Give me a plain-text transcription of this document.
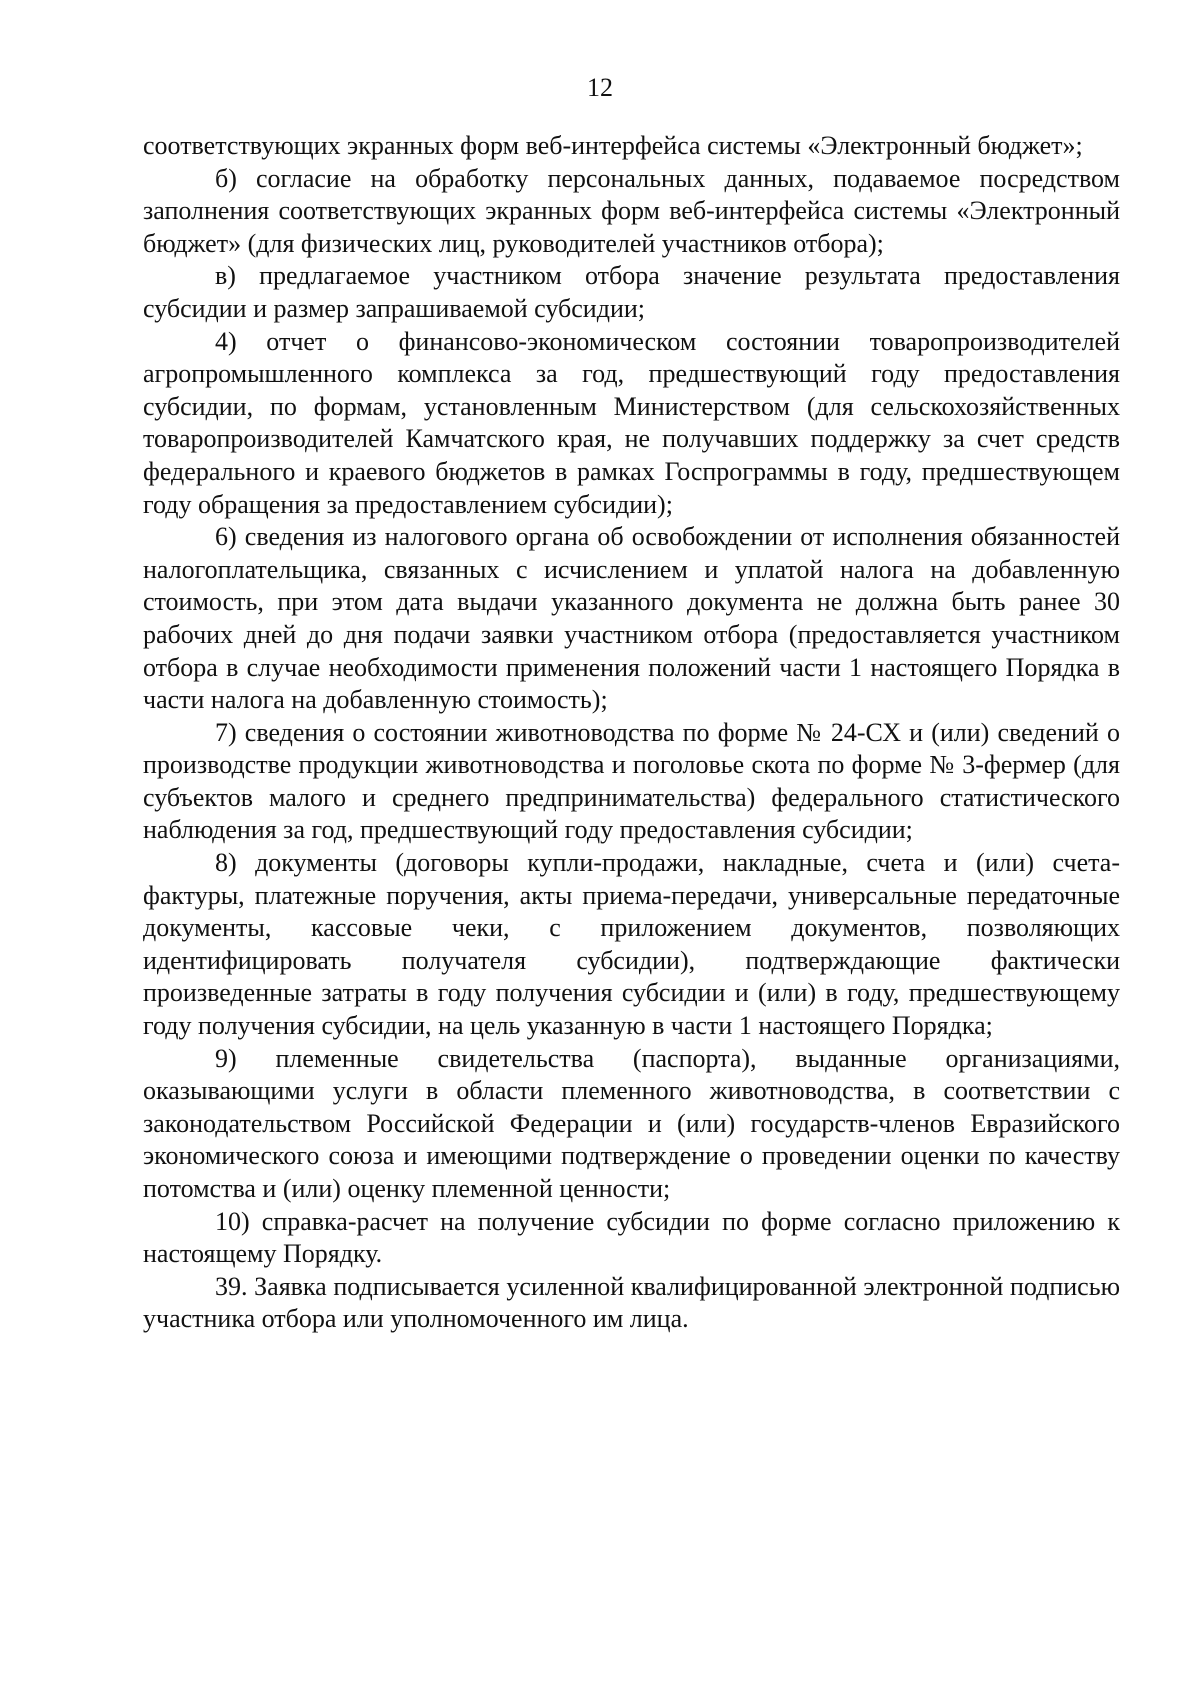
12

соответствующих экранных форм веб-интерфейса системы «Электронный бюджет»;

б) согласие на обработку персональных данных, подаваемое посредством заполнения соответствующих экранных форм веб-интерфейса системы «Электронный бюджет» (для физических лиц, руководителей участников отбора);

в) предлагаемое участником отбора значение результата предоставления субсидии и размер запрашиваемой субсидии;

4) отчет о финансово-экономическом состоянии товаропроизводителей агропромышленного комплекса за год, предшествующий году предоставления субсидии, по формам, установленным Министерством (для сельскохозяйственных товаропроизводителей Камчатского края, не получавших поддержку за счет средств федерального и краевого бюджетов в рамках Госпрограммы в году, предшествующем году обращения за предоставлением субсидии);

6) сведения из налогового органа об освобождении от исполнения обязанностей налогоплательщика, связанных с исчислением и уплатой налога на добавленную стоимость, при этом дата выдачи указанного документа не должна быть ранее 30 рабочих дней до дня подачи заявки участником отбора (предоставляется участником отбора в случае необходимости применения положений части 1 настоящего Порядка в части налога на добавленную стоимость);

7) сведения о состоянии животноводства по форме № 24-СХ и (или) сведений о производстве продукции животноводства и поголовье скота по форме № 3-фермер (для субъектов малого и среднего предпринимательства) федерального статистического наблюдения за год, предшествующий году предоставления субсидии;

8) документы (договоры купли-продажи, накладные, счета и (или) счета-фактуры, платежные поручения, акты приема-передачи, универсальные передаточные документы, кассовые чеки, с приложением документов, позволяющих идентифицировать получателя субсидии), подтверждающие фактически произведенные затраты в году получения субсидии и (или) в году, предшествующему году получения субсидии, на цель указанную в части 1 настоящего Порядка;

9) племенные свидетельства (паспорта), выданные организациями, оказывающими услуги в области племенного животноводства, в соответствии с законодательством Российской Федерации и (или) государств-членов Евразийского экономического союза и имеющими подтверждение о проведении оценки по качеству потомства и (или) оценку племенной ценности;

10) справка-расчет на получение субсидии по форме согласно приложению к настоящему Порядку.

39. Заявка подписывается усиленной квалифицированной электронной подписью участника отбора или уполномоченного им лица.
